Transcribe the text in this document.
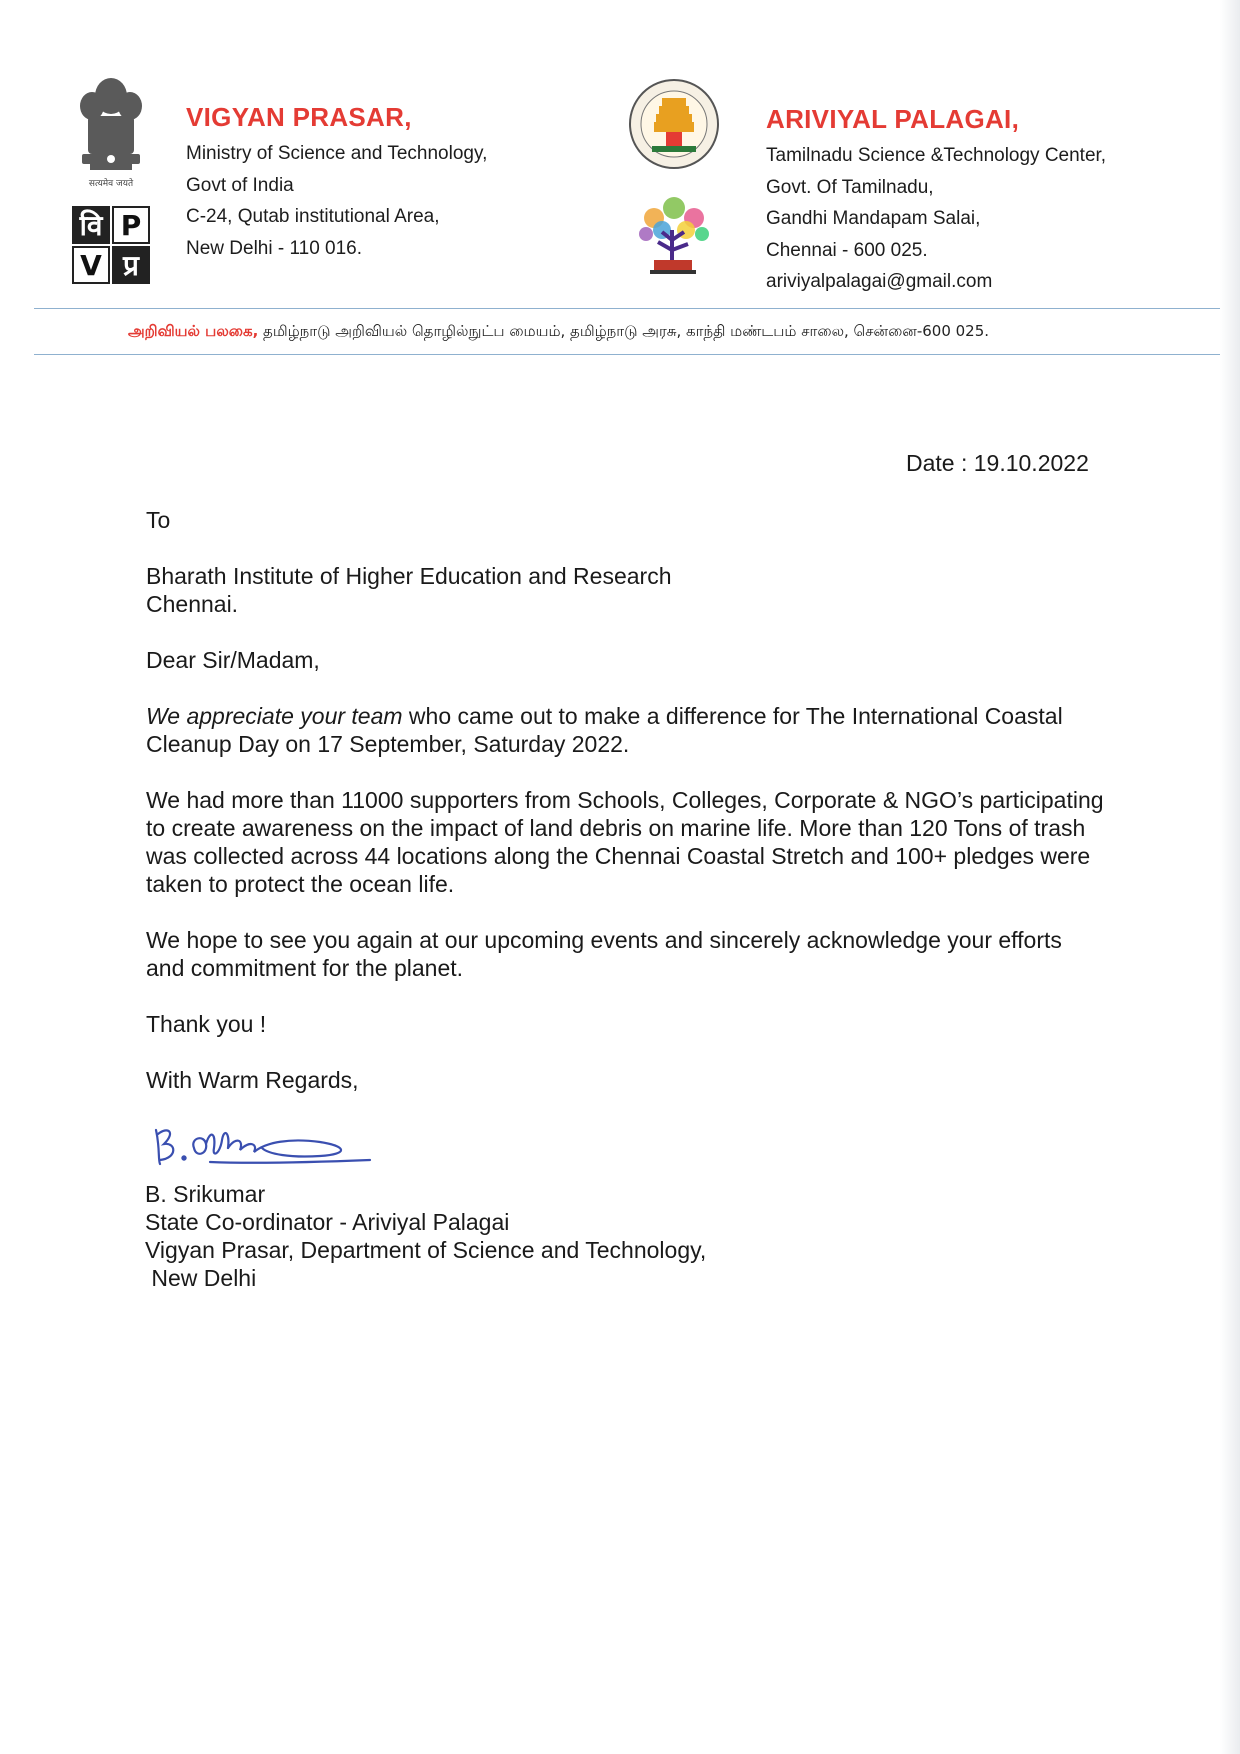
सत्यमेव जयते
वि P
V प्र
VIGYAN PRASAR,
Ministry of Science and Technology,
Govt of India
C-24, Qutab institutional Area,
New Delhi - 110 016.
ARIVIYAL PALAGAI,
Tamilnadu Science &Technology Center,
Govt. Of Tamilnadu,
Gandhi Mandapam Salai,
Chennai - 600 025.
ariviyalpalagai@gmail.com
அறிவியல் பலகை, தமிழ்நாடு அறிவியல் தொழில்நுட்ப மையம், தமிழ்நாடு அரசு, காந்தி மண்டபம் சாலை, சென்னை-600 025.
Date : 19.10.2022
To
Bharath Institute of Higher Education and Research
Chennai.
Dear Sir/Madam,

We appreciate your team who came out to make a difference for The International Coastal Cleanup Day on 17 September, Saturday 2022.

We had more than 11000 supporters from Schools, Colleges, Corporate & NGO’s participating to create awareness on the impact of land debris on marine life. More than 120 Tons of trash was collected across 44 locations along the Chennai Coastal Stretch and 100+ pledges were taken to protect the ocean life.

We hope to see you again at our upcoming events and sincerely acknowledge your efforts and commitment for the planet.

Thank you !
With Warm Regards,
B. Srikumar
State Co-ordinator - Ariviyal Palagai
Vigyan Prasar, Department of Science and Technology,
New Delhi
